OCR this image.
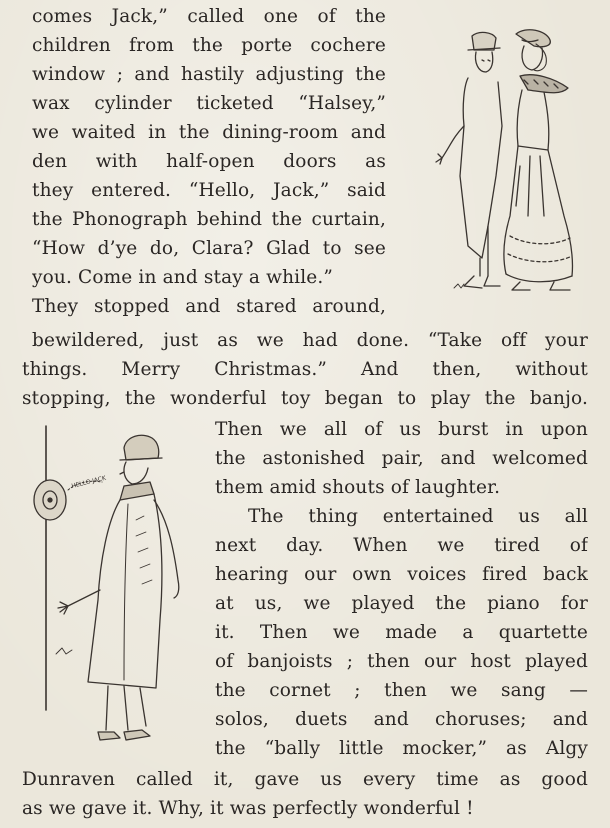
comes Jack,” called one of the
children from the porte cochere
window ; and hastily adjusting the
wax cylinder ticketed “Halsey,”
we waited in the dining-room and
den with half-open doors as
they entered. “Hello, Jack,” said
the Phonograph behind the curtain,
“How d’ye do, Clara? Glad to see
you. Come in and stay a while.”
They stopped and stared around,
bewildered, just as we had done. “Take off your
things. Merry Christmas.” And then, without
stopping, the wonderful toy began to play the banjo.
Then we all of us burst in upon
the astonished pair, and welcomed
them amid shouts of laughter.
The thing entertained us all
next day. When we tired of
hearing our own voices fired back
at us, we played the piano for
it. Then we made a quartette
of banjoists ; then our host played
the cornet ; then we sang —
solos, duets and choruses; and
the “bally little mocker,” as Algy
Dunraven called it, gave us every time as good
as we gave it. Why, it was perfectly wonderful !
HELLO JACK
